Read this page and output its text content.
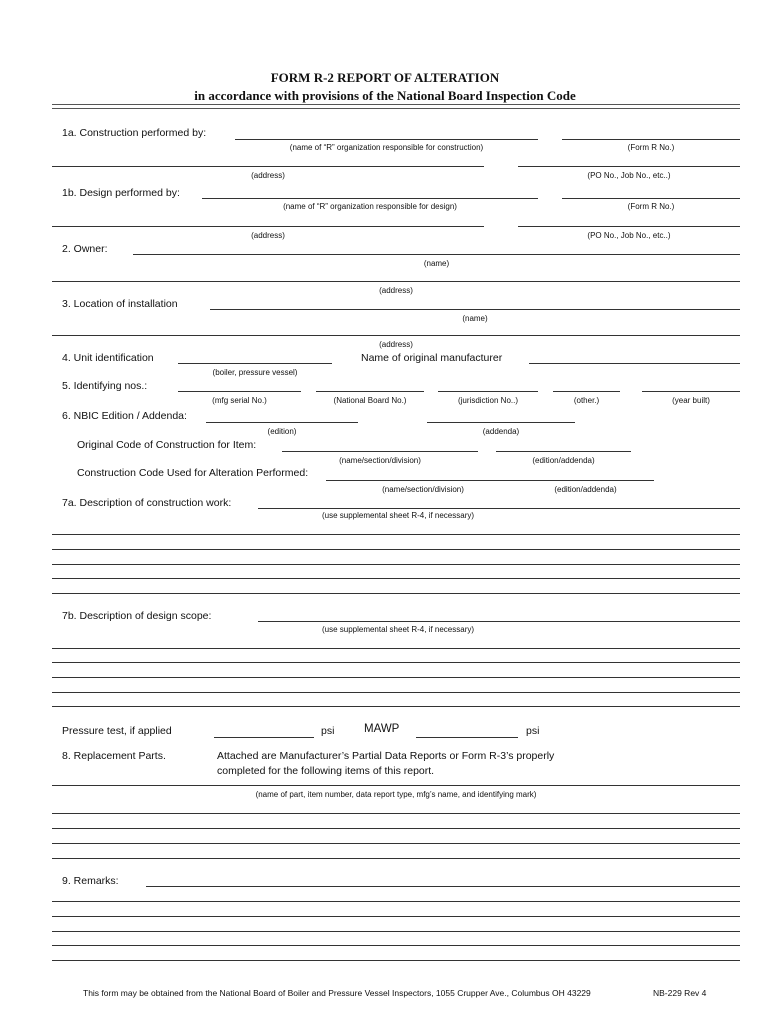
FORM R-2 REPORT OF ALTERATION
in accordance with provisions of the National Board Inspection Code
1a. Construction performed by:
(name of “R” organization responsible for construction)	(Form R No.)
(address)	(PO No., Job No., etc..)
1b. Design performed by:
(name of “R” organization responsible for design)	(Form R No.)
(address)	(PO No., Job No., etc..)
2. Owner:
(name)
(address)
3. Location of installation
(name)
(address)
4. Unit identification	Name of original manufacturer
(boiler, pressure vessel)
5. Identifying nos.:
(mfg serial No.)	(National Board No.)	(jurisdiction No..)	(other.)	(year built)
6. NBIC Edition / Addenda:
(edition)	(addenda)
Original Code of Construction for Item:
(name/section/division)	(edition/addenda)
Construction Code Used for Alteration Performed:
(name/section/division)	(edition/addenda)
7a. Description of construction work:
(use supplemental sheet R-4, if necessary)
7b. Description of design scope:
(use supplemental sheet R-4, if necessary)
Pressure test, if applied	psi	MAWP	psi
8. Replacement Parts.	Attached are Manufacturer’s Partial Data Reports or Form R-3’s properly
completed for the following items of this report.
(name of part, item number, data report type, mfg’s name, and identifying mark)
9. Remarks:
This form may be obtained from the National Board of Boiler and Pressure Vessel Inspectors, 1055 Crupper Ave., Columbus OH 43229	NB-229 Rev 4
